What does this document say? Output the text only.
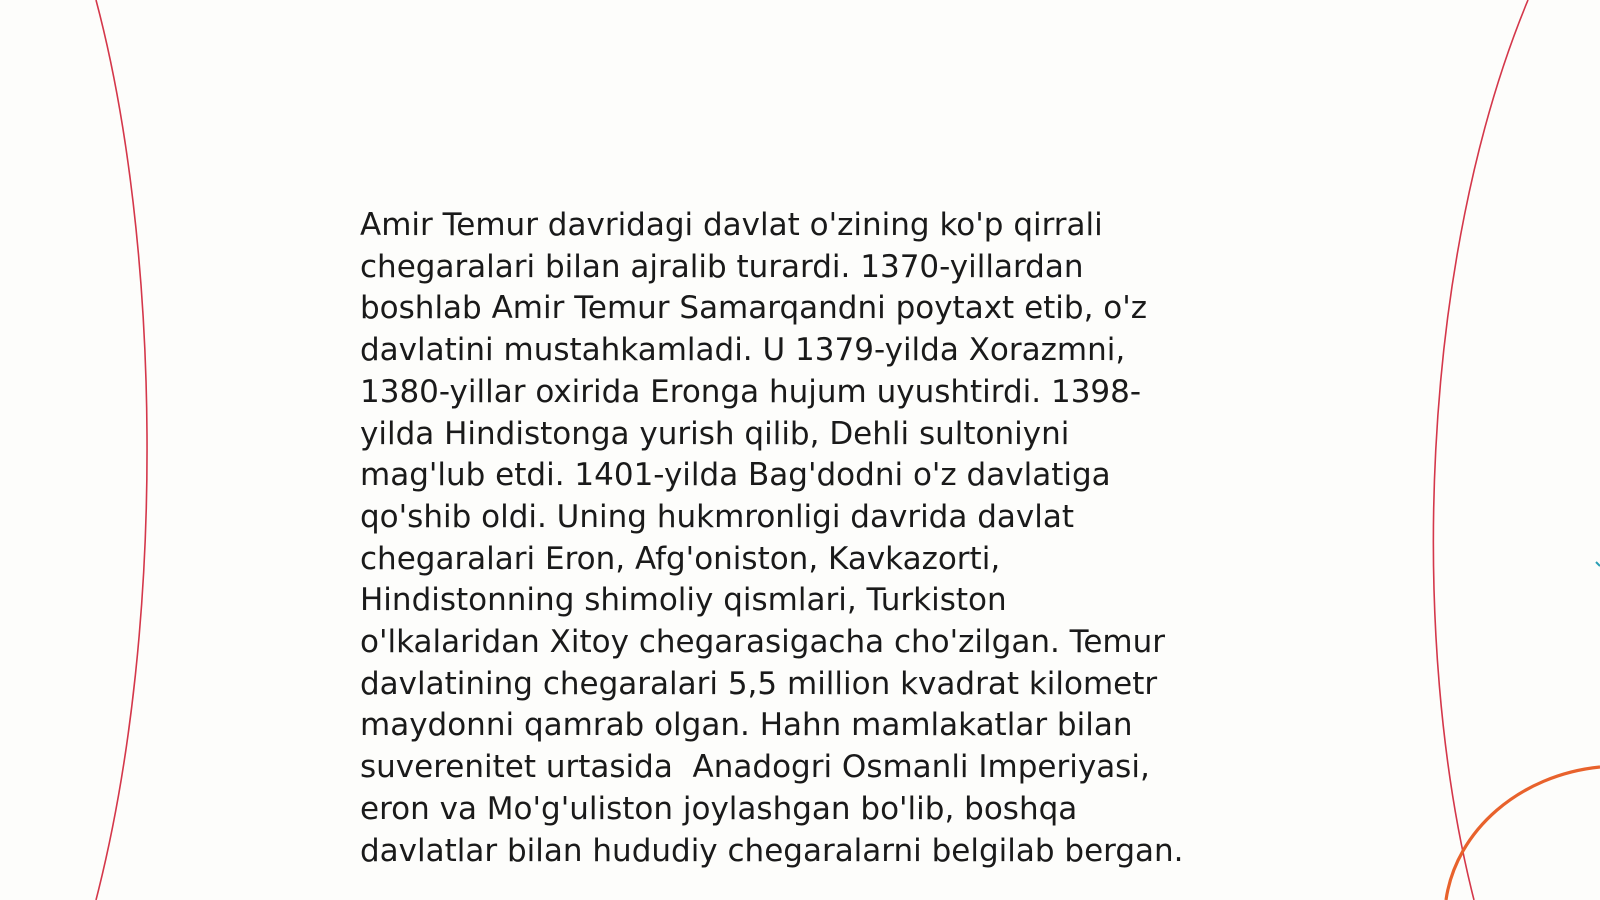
Amir Temur davridagi davlat o'zining ko'p qirrali
chegaralari bilan ajralib turardi. 1370-yillardan
boshlab Amir Temur Samarqandni poytaxt etib, o'z
davlatini mustahkamladi. U 1379-yilda Xorazmni,
1380-yillar oxirida Eronga hujum uyushtirdi. 1398-
yilda Hindistonga yurish qilib, Dehli sultoniyni
mag'lub etdi. 1401-yilda Bag'dodni o'z davlatiga
qo'shib oldi. Uning hukmronligi davrida davlat
chegaralari Eron, Afg'oniston, Kavkazorti,
Hindistonning shimoliy qismlari, Turkiston
o'lkalaridan Xitoy chegarasigacha cho'zilgan. Temur
davlatining chegaralari 5,5 million kvadrat kilometr
maydonni qamrab olgan. Hahn mamlakatlar bilan
suverenitet urtasida  Anadogri Osmanli Imperiyasi,
eron va Mo'g'uliston joylashgan bo'lib, boshqa
davlatlar bilan hududiy chegaralarni belgilab bergan.
